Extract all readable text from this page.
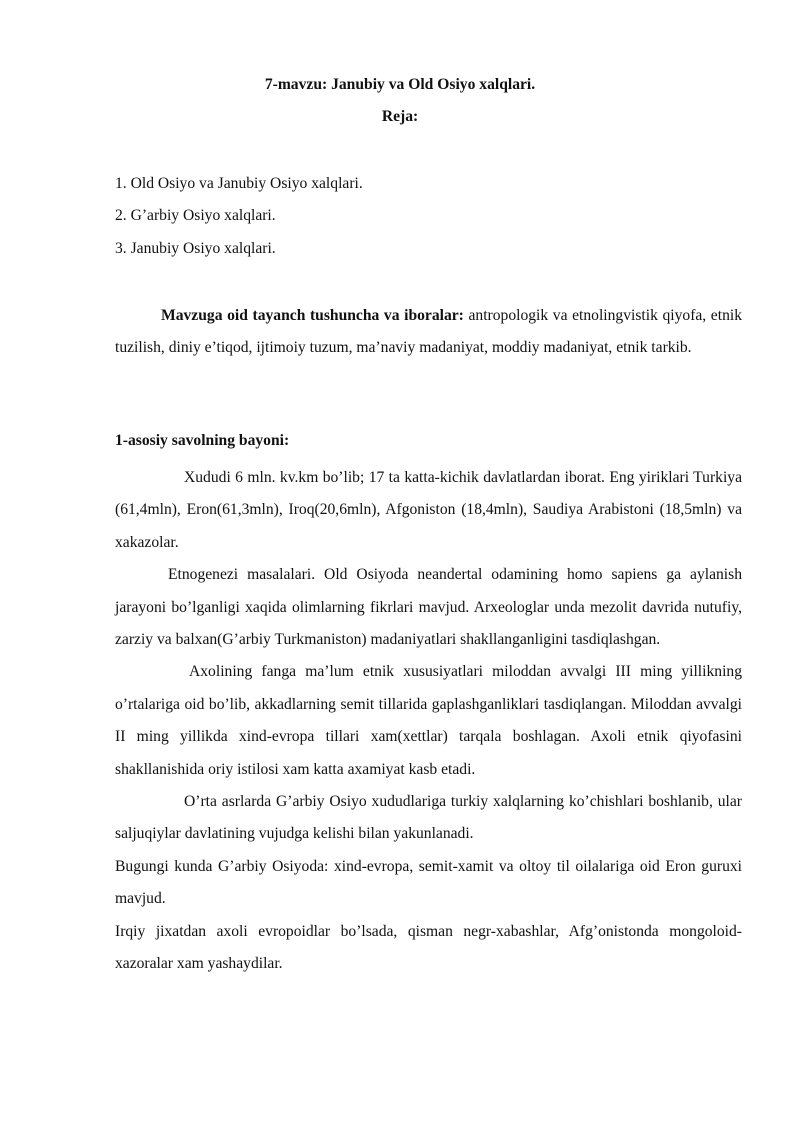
7-mavzu: Janubiy va Old Osiyo xalqlari.
Reja:
1. Old Osiyo va Janubiy Osiyo xalqlari.
2. G’arbiy Osiyo xalqlari.
3. Janubiy Osiyo xalqlari.

Mavzuga oid tayanch tushuncha va iboralar: antropologik va etnolingvistik qiyofa, etnik tuzilish, diniy e’tiqod, ijtimoiy tuzum, ma’naviy madaniyat, moddiy madaniyat, etnik tarkib.

1-asosiy savolning bayoni:

Xududi 6 mln. kv.km bo’lib; 17 ta katta-kichik davlatlardan iborat. Eng yiriklari Turkiya (61,4mln), Eron(61,3mln), Iroq(20,6mln), Afgoniston (18,4mln), Saudiya Arabistoni (18,5mln) va xakazolar.

Etnogenezi masalalari. Old Osiyoda neandertal odamining homo sapiens ga aylanish jarayoni bo’lganligi xaqida olimlarning fikrlari mavjud. Arxeologlar unda mezolit davrida nutufiy, zarziy va balxan(G’arbiy Turkmaniston) madaniyatlari shakllanganligini tasdiqlashgan.

Axolining fanga ma’lum etnik xususiyatlari miloddan avvalgi III ming yillikning o’rtalariga oid bo’lib, akkadlarning semit tillarida gaplashganliklari tasdiqlangan. Miloddan avvalgi II ming yillikda xind-evropa tillari xam(xettlar) tarqala boshlagan. Axoli etnik qiyofasini shakllanishida oriy istilosi xam katta axamiyat kasb etadi.

O’rta asrlarda G’arbiy Osiyo xududlariga turkiy xalqlarning ko’chishlari boshlanib, ular saljuqiylar davlatining vujudga kelishi bilan yakunlanadi.

Bugungi kunda G’arbiy Osiyoda: xind-evropa, semit-xamit va oltoy til oilalariga oid Eron guruxi mavjud.

Irqiy jixatdan axoli evropoidlar bo’lsada, qisman negr-xabashlar, Afg’onistonda mongoloid-xazoralar xam yashaydilar.
